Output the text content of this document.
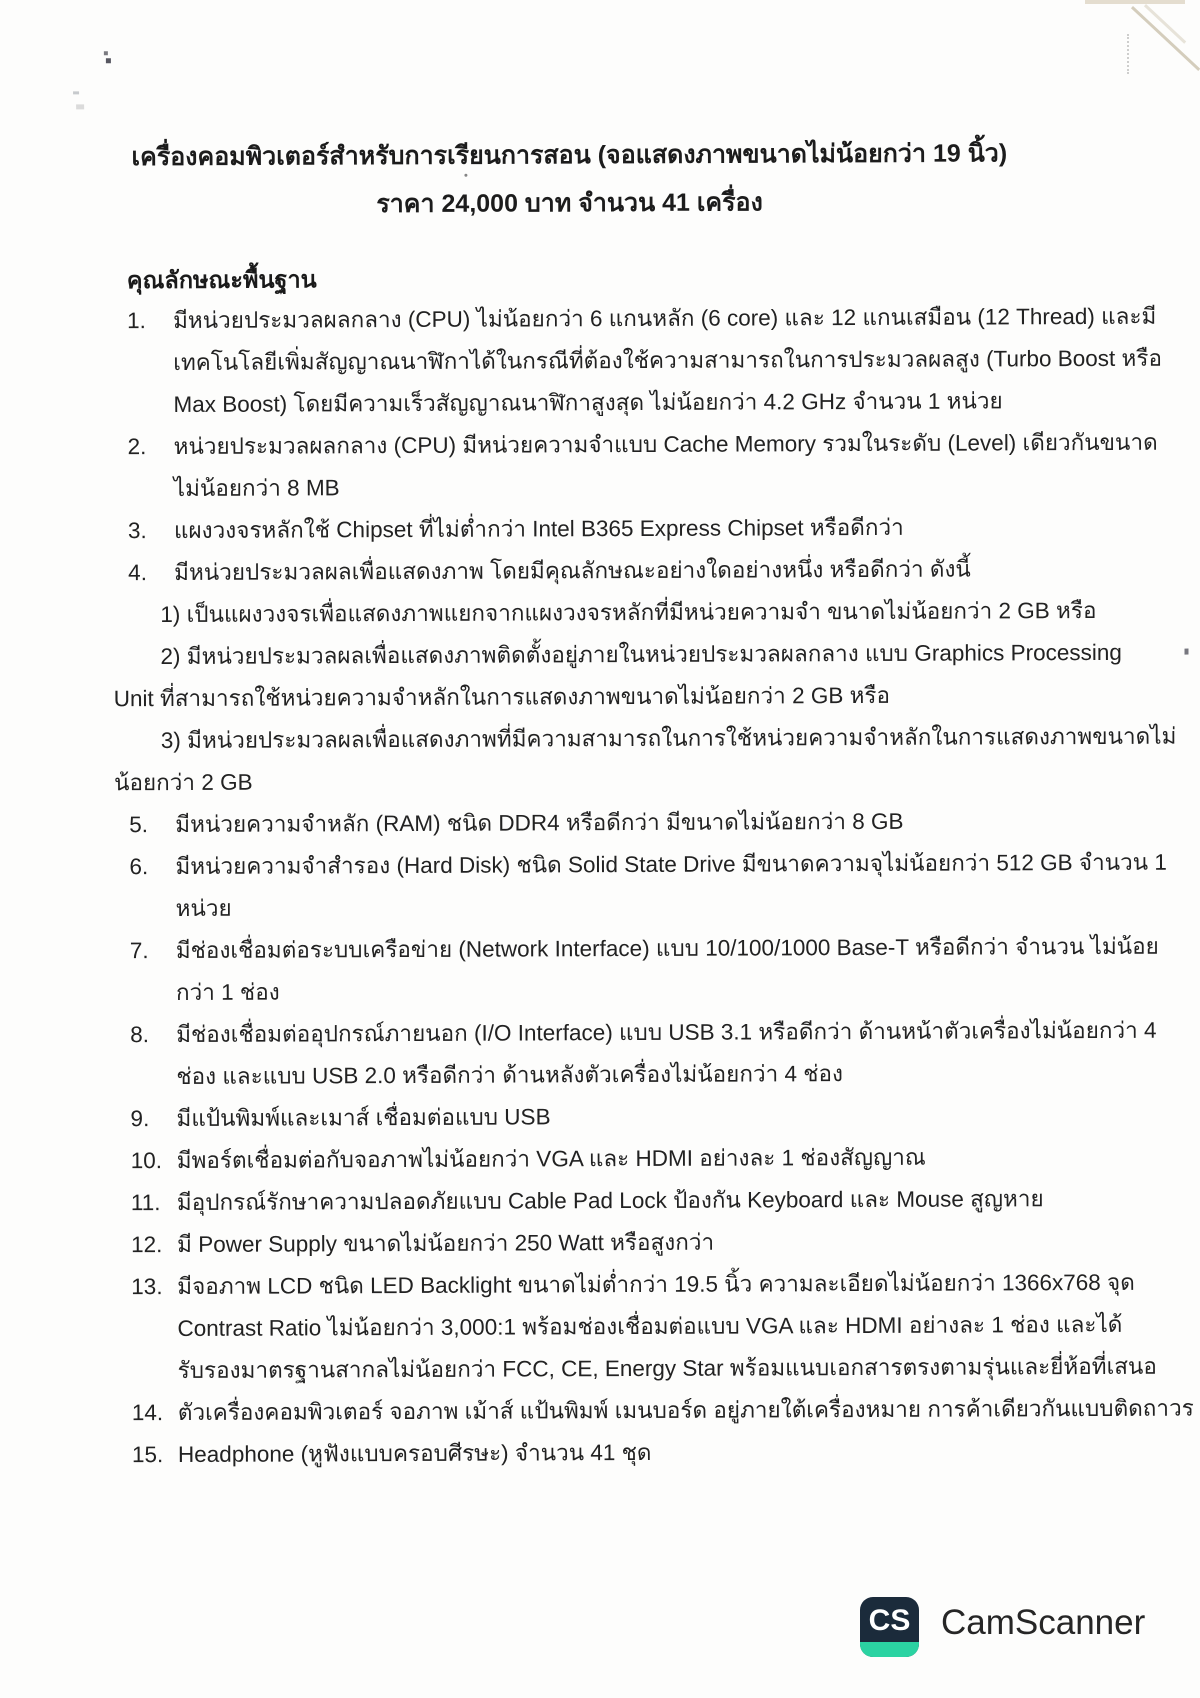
เครื่องคอมพิวเตอร์สำหรับการเรียนการสอน (จอแสดงภาพขนาดไม่น้อยกว่า 19 นิ้ว)
ราคา 24,000 บาท จำนวน 41 เครื่อง
คุณลักษณะพื้นฐาน
1. มีหน่วยประมวลผลกลาง (CPU) ไม่น้อยกว่า 6 แกนหลัก (6 core) และ 12 แกนเสมือน (12 Thread) และมี
เทคโนโลยีเพิ่มสัญญาณนาฬิกาได้ในกรณีที่ต้องใช้ความสามารถในการประมวลผลสูง (Turbo Boost หรือ
Max Boost) โดยมีความเร็วสัญญาณนาฬิกาสูงสุด ไม่น้อยกว่า 4.2 GHz จำนวน 1 หน่วย
2. หน่วยประมวลผลกลาง (CPU) มีหน่วยความจำแบบ Cache Memory รวมในระดับ (Level) เดียวกันขนาด
ไม่น้อยกว่า 8 MB
3. แผงวงจรหลักใช้ Chipset ที่ไม่ต่ำกว่า Intel B365 Express Chipset หรือดีกว่า
4. มีหน่วยประมวลผลเพื่อแสดงภาพ โดยมีคุณลักษณะอย่างใดอย่างหนึ่ง หรือดีกว่า ดังนี้
1) เป็นแผงวงจรเพื่อแสดงภาพแยกจากแผงวงจรหลักที่มีหน่วยความจำ ขนาดไม่น้อยกว่า 2 GB หรือ
2) มีหน่วยประมวลผลเพื่อแสดงภาพติดตั้งอยู่ภายในหน่วยประมวลผลกลาง แบบ Graphics Processing
Unit ที่สามารถใช้หน่วยความจำหลักในการแสดงภาพขนาดไม่น้อยกว่า 2 GB หรือ
3) มีหน่วยประมวลผลเพื่อแสดงภาพที่มีความสามารถในการใช้หน่วยความจำหลักในการแสดงภาพขนาดไม่
น้อยกว่า 2 GB
5. มีหน่วยความจำหลัก (RAM) ชนิด DDR4 หรือดีกว่า มีขนาดไม่น้อยกว่า 8 GB
6. มีหน่วยความจำสำรอง (Hard Disk) ชนิด Solid State Drive มีขนาดความจุไม่น้อยกว่า 512 GB จำนวน 1
หน่วย
7. มีช่องเชื่อมต่อระบบเครือข่าย (Network Interface) แบบ 10/100/1000 Base-T หรือดีกว่า จำนวน ไม่น้อย
กว่า 1 ช่อง
8. มีช่องเชื่อมต่ออุปกรณ์ภายนอก (I/O Interface) แบบ USB 3.1 หรือดีกว่า ด้านหน้าตัวเครื่องไม่น้อยกว่า 4
ช่อง และแบบ USB 2.0 หรือดีกว่า ด้านหลังตัวเครื่องไม่น้อยกว่า 4 ช่อง
9. มีแป้นพิมพ์และเมาส์ เชื่อมต่อแบบ USB
10. มีพอร์ตเชื่อมต่อกับจอภาพไม่น้อยกว่า VGA และ HDMI อย่างละ 1 ช่องสัญญาณ
11. มีอุปกรณ์รักษาความปลอดภัยแบบ Cable Pad Lock ป้องกัน Keyboard และ Mouse สูญหาย
12. มี Power Supply ขนาดไม่น้อยกว่า 250 Watt หรือสูงกว่า
13. มีจอภาพ LCD ชนิด LED Backlight ขนาดไม่ต่ำกว่า 19.5 นิ้ว ความละเอียดไม่น้อยกว่า 1366x768 จุด
Contrast Ratio ไม่น้อยกว่า 3,000:1 พร้อมช่องเชื่อมต่อแบบ VGA และ HDMI อย่างละ 1 ช่อง และได้
รับรองมาตรฐานสากลไม่น้อยกว่า FCC, CE, Energy Star พร้อมแนบเอกสารตรงตามรุ่นและยี่ห้อที่เสนอ
14. ตัวเครื่องคอมพิวเตอร์ จอภาพ เม้าส์ แป้นพิมพ์ เมนบอร์ด อยู่ภายใต้เครื่องหมาย การค้าเดียวกันแบบติดถาวร
15. Headphone (หูฟังแบบครอบศีรษะ) จำนวน 41 ชุด
CS CamScanner
